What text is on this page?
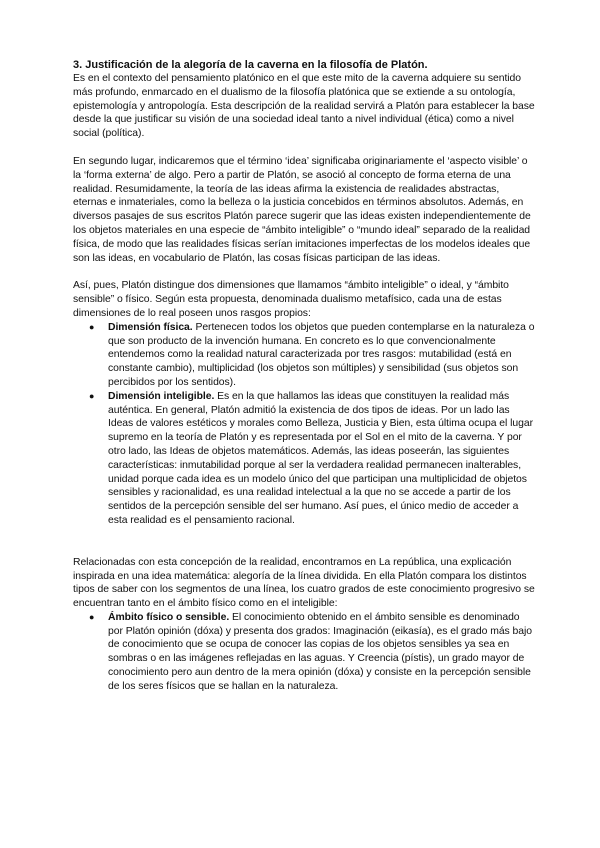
3. Justificación de la alegoría de la caverna en la filosofía de Platón.

Es en el contexto del pensamiento platónico en el que este mito de la caverna adquiere su sentido más profundo, enmarcado en el dualismo de la filosofía platónica que se extiende a su ontología, epistemología y antropología. Esta descripción de la realidad servirá a Platón para establecer la base desde la que justificar su visión de una sociedad ideal tanto a nivel individual (ética) como a nivel social (política).

En segundo lugar, indicaremos que el término ‘idea’ significaba originariamente el ‘aspecto visible’ o la ‘forma externa’ de algo. Pero a partir de Platón, se asoció al concepto de forma eterna de una realidad. Resumidamente, la teoría de las ideas afirma la existencia de realidades abstractas, eternas e inmateriales, como la belleza o la justicia concebidos en términos absolutos. Además, en diversos pasajes de sus escritos Platón parece sugerir que las ideas existen independientemente de los objetos materiales en una especie de “ámbito inteligible” o “mundo ideal” separado de la realidad física, de modo que las realidades físicas serían imitaciones imperfectas de los modelos ideales que son las ideas, en vocabulario de Platón, las cosas físicas participan de las ideas.

Así, pues, Platón distingue dos dimensiones que llamamos “ámbito inteligible” o ideal, y “ámbito sensible” o físico. Según esta propuesta, denominada dualismo metafísico, cada una de estas dimensiones de lo real poseen unos rasgos propios:

● Dimensión física. Pertenecen todos los objetos que pueden contemplarse en la naturaleza o que son producto de la invención humana. En concreto es lo que convencionalmente entendemos como la realidad natural caracterizada por tres rasgos: mutabilidad (está en constante cambio), multiplicidad (los objetos son múltiples) y sensibilidad (sus objetos son percibidos por los sentidos).
● Dimensión inteligible. Es en la que hallamos las ideas que constituyen la realidad más auténtica. En general, Platón admitió la existencia de dos tipos de ideas. Por un lado las Ideas de valores estéticos y morales como Belleza, Justicia y Bien, esta última ocupa el lugar supremo en la teoría de Platón y es representada por el Sol en el mito de la caverna. Y por otro lado, las Ideas de objetos matemáticos. Además, las ideas poseerán, las siguientes características: inmutabilidad porque al ser la verdadera realidad permanecen inalterables, unidad porque cada idea es un modelo único del que participan una multiplicidad de objetos sensibles y racionalidad, es una realidad intelectual a la que no se accede a partir de los sentidos de la percepción sensible del ser humano. Así pues, el único medio de acceder a esta realidad es el pensamiento racional.

Relacionadas con esta concepción de la realidad, encontramos en La república, una explicación inspirada en una idea matemática: alegoría de la línea dividida. En ella Platón compara los distintos tipos de saber con los segmentos de una línea, los cuatro grados de este conocimiento progresivo se encuentran tanto en el ámbito físico como en el inteligible:

● Ámbito físico o sensible. El conocimiento obtenido en el ámbito sensible es denominado por Platón opinión (dóxa) y presenta dos grados: Imaginación (eikasía), es el grado más bajo de conocimiento que se ocupa de conocer las copias de los objetos sensibles ya sea en sombras o en las imágenes reflejadas en las aguas. Y Creencia (pístis), un grado mayor de conocimiento pero aun dentro de la mera opinión (dóxa) y consiste en la percepción sensible de los seres físicos que se hallan en la naturaleza.
